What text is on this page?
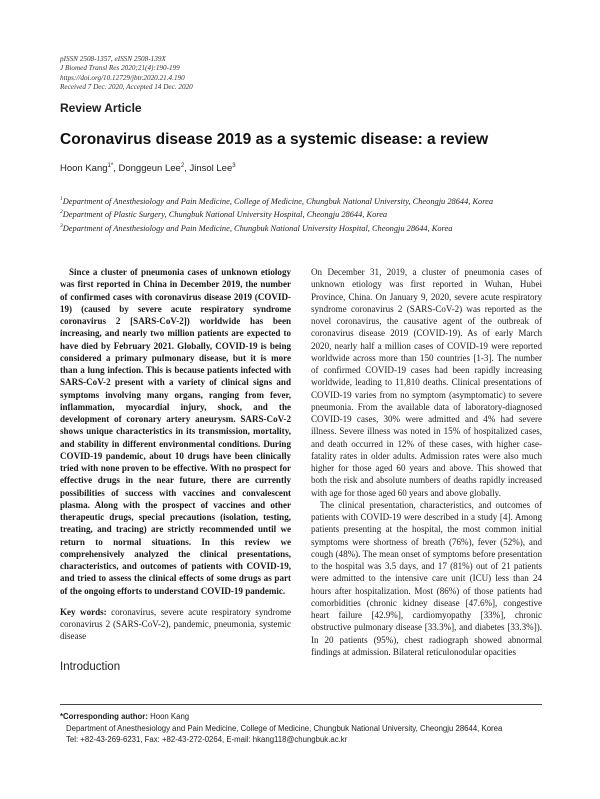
pISSN 2508-1357, eISSN 2508-139X
J Biomed Transl Res 2020;21(4):190-199
https://doi.org/10.12729/jbtr.2020.21.4.190
Received 7 Dec. 2020, Accepted 14 Dec. 2020
Review Article
Coronavirus disease 2019 as a systemic disease: a review
Hoon Kang$^{1*}$, Donggeun Lee$^2$, Jinsol Lee$^3$
$^1$Department of Anesthesiology and Pain Medicine, College of Medicine, Chungbuk National University, Cheongju 28644, Korea
$^2$Department of Plastic Surgery, Chungbuk National University Hospital, Cheongju 28644, Korea
$^3$Department of Anesthesiology and Pain Medicine, Chungbuk National University Hospital, Cheongju 28644, Korea

Since a cluster of pneumonia cases of unknown etiology was first reported in China in December 2019, the number of confirmed cases with coronavirus disease 2019 (COVID-19) (caused by severe acute respiratory syndrome coronavirus 2 [SARS-CoV-2]) worldwide has been increasing, and nearly two million patients are expected to have died by February 2021. Globally, COVID-19 is being considered a primary pulmonary disease, but it is more than a lung infection. This is because patients infected with SARS-CoV-2 present with a variety of clinical signs and symptoms involving many organs, ranging from fever, inflammation, myocardial injury, shock, and the development of coronary artery aneurysm. SARS-CoV-2 shows unique characteristics in its transmission, mortality, and stability in different environmental conditions. During COVID-19 pandemic, about 10 drugs have been clinically tried with none proven to be effective. With no prospect for effective drugs in the near future, there are currently possibilities of success with vaccines and convalescent plasma. Along with the prospect of vaccines and other therapeutic drugs, special precautions (isolation, testing, treating, and tracing) are strictly recommended until we return to normal situations. In this review we comprehensively analyzed the clinical presentations, characteristics, and outcomes of patients with COVID-19, and tried to assess the clinical effects of some drugs as part of the ongoing efforts to understand COVID-19 pandemic.

Key words: coronavirus, severe acute respiratory syndrome coronavirus 2 (SARS-CoV-2), pandemic, pneumonia, systemic disease

Introduction

On December 31, 2019, a cluster of pneumonia cases of unknown etiology was first reported in Wuhan, Hubei Province, China. On January 9, 2020, severe acute respiratory syndrome coronavirus 2 (SARS-CoV-2) was reported as the novel coronavirus, the causative agent of the outbreak of coronavirus disease 2019 (COVID-19). As of early March 2020, nearly half a million cases of COVID-19 were reported worldwide across more than 150 countries [1-3]. The number of confirmed COVID-19 cases had been rapidly increasing worldwide, leading to 11,810 deaths. Clinical presentations of COVID-19 varies from no symptom (asymptomatic) to severe pneumonia. From the available data of laboratory-diagnosed COVID-19 cases, 30% were admitted and 4% had severe illness. Severe illness was noted in 15% of hospitalized cases, and death occurred in 12% of these cases, with higher case-fatality rates in older adults. Admission rates were also much higher for those aged 60 years and above. This showed that both the risk and absolute numbers of deaths rapidly increased with age for those aged 60 years and above globally.

The clinical presentation, characteristics, and outcomes of patients with COVID-19 were described in a study [4]. Among patients presenting at the hospital, the most common initial symptoms were shortness of breath (76%), fever (52%), and cough (48%). The mean onset of symptoms before presentation to the hospital was 3.5 days, and 17 (81%) out of 21 patients were admitted to the intensive care unit (ICU) less than 24 hours after hospitalization. Most (86%) of those patients had comorbidities (chronic kidney disease [47.6%], congestive heart failure [42.9%], cardiomyopathy [33%], chronic obstructive pulmonary disease [33.3%], and diabetes [33.3%]). In 20 patients (95%), chest radiograph showed abnormal findings at admission. Bilateral reticulonodular opacities

*Corresponding author: Hoon Kang
Department of Anesthesiology and Pain Medicine, College of Medicine, Chungbuk National University, Cheongju 28644, Korea
Tel: +82-43-269-6231, Fax: +82-43-272-0264, E-mail: hkang118@chungbuk.ac.kr
